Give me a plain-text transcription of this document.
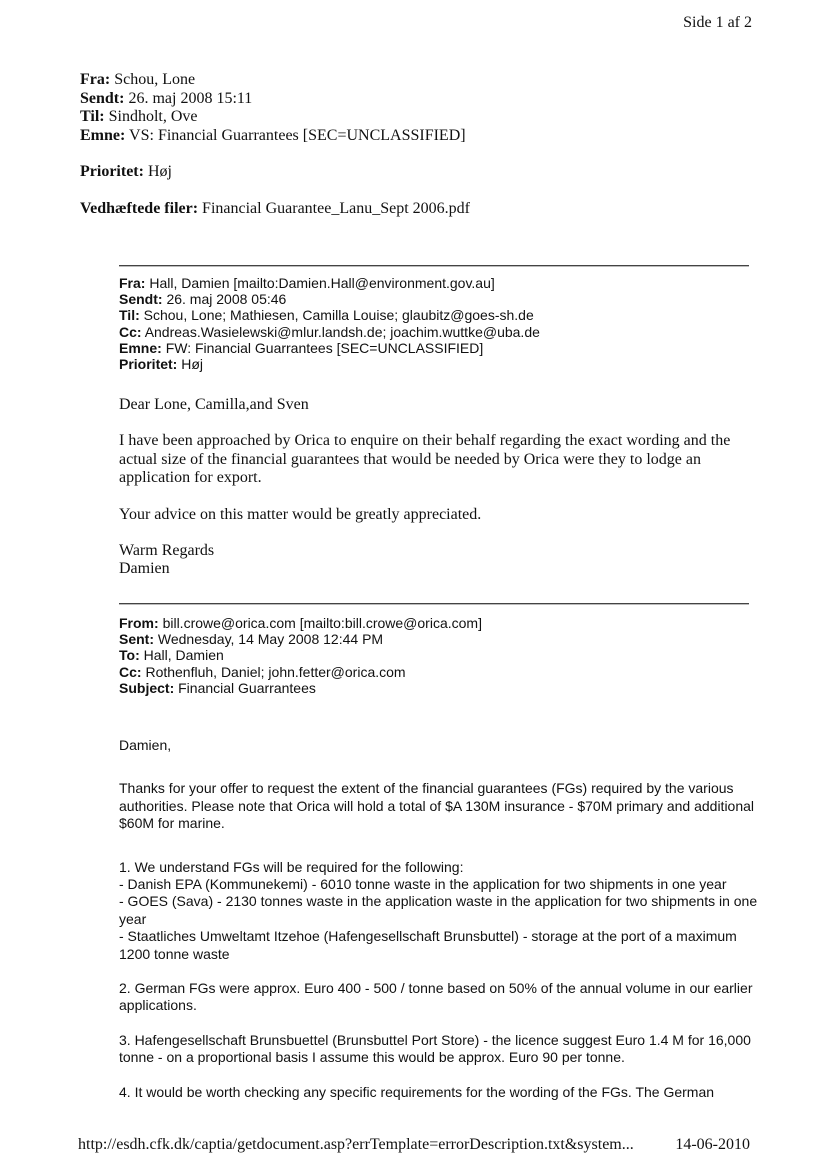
Side 1 af 2
Fra: Schou, Lone
Sendt: 26. maj 2008 15:11
Til: Sindholt, Ove
Emne: VS: Financial Guarrantees [SEC=UNCLASSIFIED]
Prioritet: Høj
Vedhæftede filer: Financial Guarantee_Lanu_Sept 2006.pdf
Fra: Hall, Damien [mailto:Damien.Hall@environment.gov.au]
Sendt: 26. maj 2008 05:46
Til: Schou, Lone; Mathiesen, Camilla Louise; glaubitz@goes-sh.de
Cc: Andreas.Wasielewski@mlur.landsh.de; joachim.wuttke@uba.de
Emne: FW: Financial Guarrantees [SEC=UNCLASSIFIED]
Prioritet: Høj

Dear Lone, Camilla,and Sven

I have been approached by Orica to enquire on their behalf regarding the exact wording and the actual size of the financial guarantees that would be needed by Orica were they to lodge an application for export.

Your advice on this matter would be greatly appreciated.

Warm Regards

Damien

From: bill.crowe@orica.com [mailto:bill.crowe@orica.com]
Sent: Wednesday, 14 May 2008 12:44 PM
To: Hall, Damien
Cc: Rothenfluh, Daniel; john.fetter@orica.com
Subject: Financial Guarrantees

Damien,

Thanks for your offer to request the extent of the financial guarantees (FGs) required by the various authorities. Please note that Orica will hold a total of $A 130M insurance - $70M primary and additional $60M for marine.

1. We understand FGs will be required for the following:

- Danish EPA (Kommunekemi) - 6010 tonne waste in the application for two shipments in one year

- GOES (Sava) - 2130 tonnes waste in the application waste in the application for two shipments in one year

- Staatliches Umweltamt Itzehoe (Hafengesellschaft Brunsbuttel) - storage at the port of a maximum 1200 tonne waste

2. German FGs were approx. Euro 400 - 500 / tonne based on 50% of the annual volume in our earlier applications.

3. Hafengesellschaft Brunsbuettel (Brunsbuttel Port Store) - the licence suggest Euro 1.4 M for 16,000 tonne - on a proportional basis I assume this would be approx. Euro 90 per tonne.

4. It would be worth checking any specific requirements for the wording of the FGs. The German

http://esdh.cfk.dk/captia/getdocument.asp?errTemplate=errorDescription.txt&system...	14-06-2010
